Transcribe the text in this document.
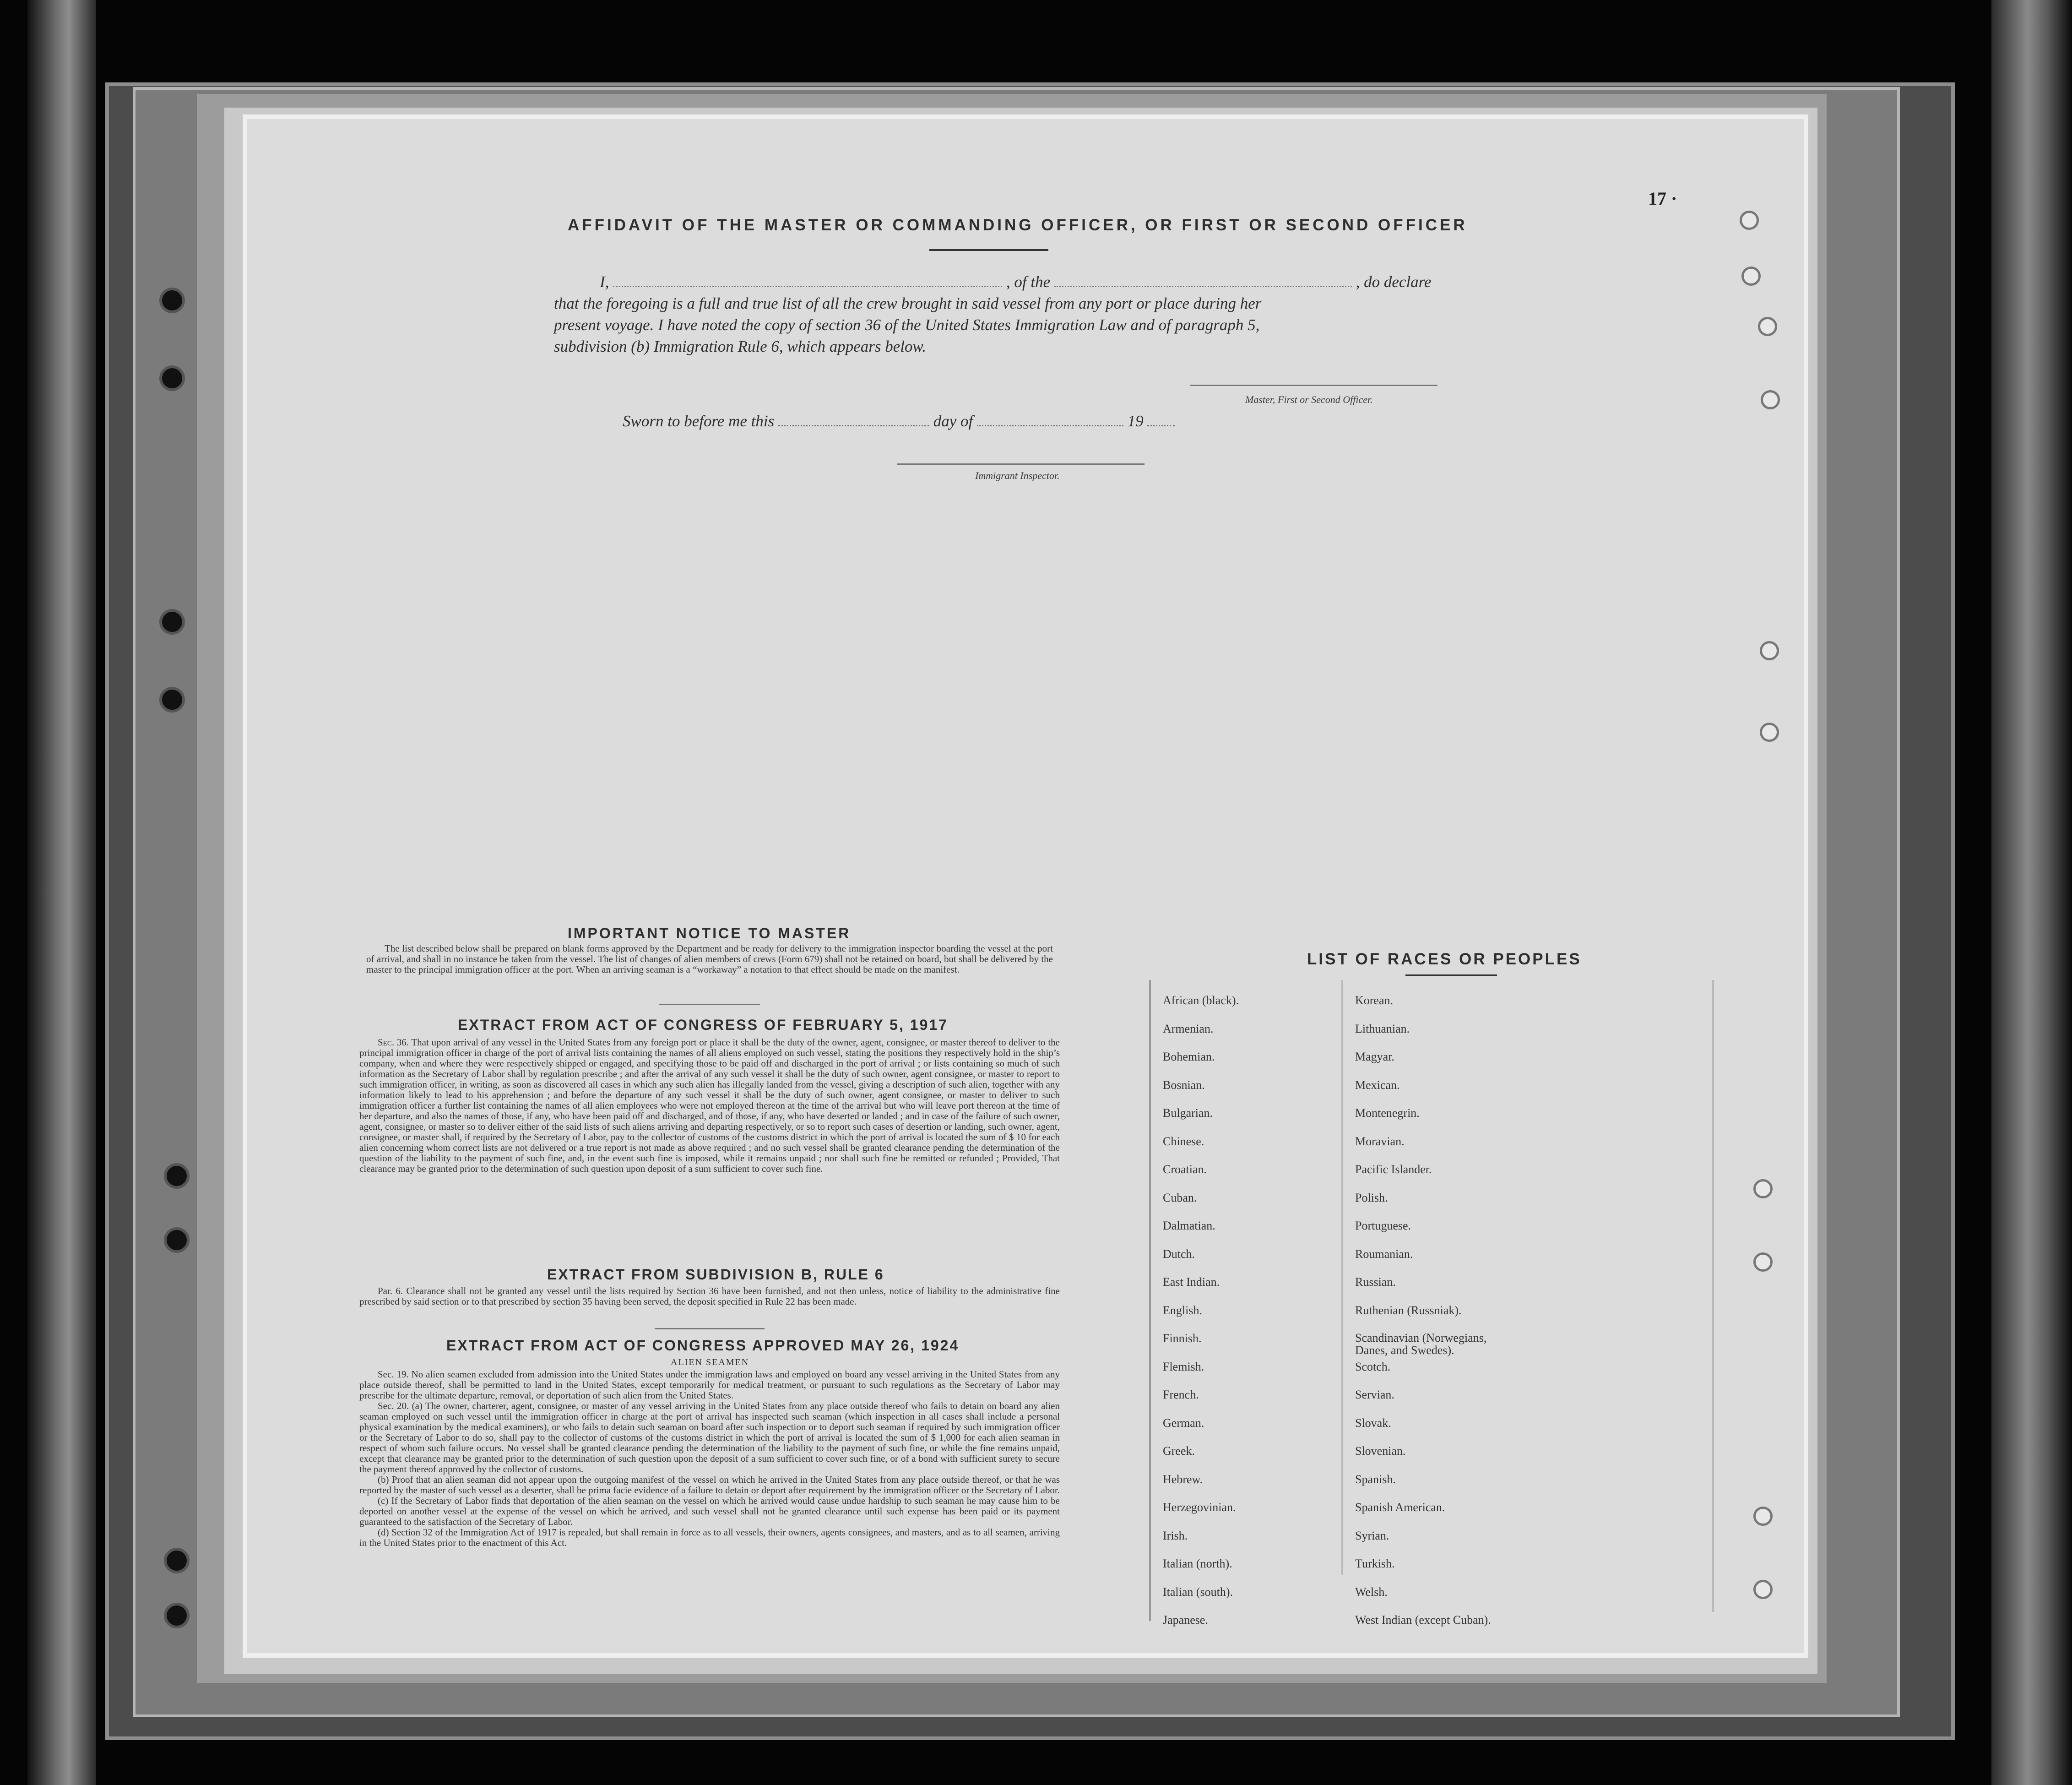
17 ·
AFFIDAVIT OF THE MASTER OR COMMANDING OFFICER, OR FIRST OR SECOND OFFICER
I,	, of the	, do declare
that the foregoing is a full and true list of all the crew brought in said vessel from any port or place during her
present voyage. I have noted the copy of section 36 of the United States Immigration Law and of paragraph 5,
subdivision (b) Immigration Rule 6, which appears below.
Master, First or Second Officer.
Sworn to before me this	day of	19
Immigrant Inspector.
IMPORTANT NOTICE TO MASTER
The list described below shall be prepared on blank forms approved by the Department and be ready for delivery to the immigration inspector boarding the vessel at the port of arrival, and shall in no instance be taken from the vessel. The list of changes of alien members of crews (Form 679) shall not be retained on board, but shall be delivered by the master to the principal immigration officer at the port. When an arriving seaman is a “workaway” a notation to that effect should be made on the manifest.
EXTRACT FROM ACT OF CONGRESS OF FEBRUARY 5, 1917
Sec. 36. That upon arrival of any vessel in the United States from any foreign port or place it shall be the duty of the owner, agent, consignee, or master thereof to deliver to the principal immigration officer in charge of the port of arrival lists containing the names of all aliens employed on such vessel, stating the positions they respectively hold in the ship’s company, when and where they were respectively shipped or engaged, and specifying those to be paid off and discharged in the port of arrival ; or lists containing so much of such information as the Secretary of Labor shall by regulation prescribe ; and after the arrival of any such vessel it shall be the duty of such owner, agent consignee, or master to report to such immigration officer, in writing, as soon as discovered all cases in which any such alien has illegally landed from the vessel, giving a description of such alien, together with any information likely to lead to his apprehension ; and before the departure of any such vessel it shall be the duty of such owner, agent consignee, or master to deliver to such immigration officer a further list containing the names of all alien employees who were not employed thereon at the time of the arrival but who will leave port thereon at the time of her departure, and also the names of those, if any, who have been paid off and discharged, and of those, if any, who have deserted or landed ; and in case of the failure of such owner, agent, consignee, or master so to deliver either of the said lists of such aliens arriving and departing respectively, or so to report such cases of desertion or landing, such owner, agent, consignee, or master shall, if required by the Secretary of Labor, pay to the collector of customs of the customs district in which the port of arrival is located the sum of $ 10 for each alien concerning whom correct lists are not delivered or a true report is not made as above required ; and no such vessel shall be granted clearance pending the determination of the question of the liability to the payment of such fine, and, in the event such fine is imposed, while it remains unpaid ; nor shall such fine be remitted or refunded ; Provided, That clearance may be granted prior to the determination of such question upon deposit of a sum sufficient to cover such fine.
EXTRACT FROM SUBDIVISION B, RULE 6
Par. 6. Clearance shall not be granted any vessel until the lists required by Section 36 have been furnished, and not then unless, notice of liability to the administrative fine prescribed by said section or to that prescribed by section 35 having been served, the deposit specified in Rule 22 has been made.
EXTRACT FROM ACT OF CONGRESS APPROVED MAY 26, 1924
ALIEN SEAMEN
Sec. 19. No alien seamen excluded from admission into the United States under the immigration laws and employed on board any vessel arriving in the United States from any place outside thereof, shall be permitted to land in the United States, except temporarily for medical treatment, or pursuant to such regulations as the Secretary of Labor may prescribe for the ultimate departure, removal, or deportation of such alien from the United States.
Sec. 20. (a) The owner, charterer, agent, consignee, or master of any vessel arriving in the United States from any place outside thereof who fails to detain on board any alien seaman employed on such vessel until the immigration officer in charge at the port of arrival has inspected such seaman (which inspection in all cases shall include a personal physical examination by the medical examiners), or who fails to detain such seaman on board after such inspection or to deport such seaman if required by such immigration officer or the Secretary of Labor to do so, shall pay to the collector of customs of the customs district in which the port of arrival is located the sum of $ 1,000 for each alien seaman in respect of whom such failure occurs. No vessel shall be granted clearance pending the determination of the liability to the payment of such fine, or while the fine remains unpaid, except that clearance may be granted prior to the determination of such question upon the deposit of a sum sufficient to cover such fine, or of a bond with sufficient surety to secure the payment thereof approved by the collector of customs.
(b) Proof that an alien seaman did not appear upon the outgoing manifest of the vessel on which he arrived in the United States from any place outside thereof, or that he was reported by the master of such vessel as a deserter, shall be prima facie evidence of a failure to detain or deport after requirement by the immigration officer or the Secretary of Labor.
(c) If the Secretary of Labor finds that deportation of the alien seaman on the vessel on which he arrived would cause undue hardship to such seaman he may cause him to be deported on another vessel at the expense of the vessel on which he arrived, and such vessel shall not be granted clearance until such expense has been paid or its payment guaranteed to the satisfaction of the Secretary of Labor.
(d) Section 32 of the Immigration Act of 1917 is repealed, but shall remain in force as to all vessels, their owners, agents consignees, and masters, and as to all seamen, arriving in the United States prior to the enactment of this Act.
LIST OF RACES OR PEOPLES
African (black).
Armenian.
Bohemian.
Bosnian.
Bulgarian.
Chinese.
Croatian.
Cuban.
Dalmatian.
Dutch.
East Indian.
English.
Finnish.
Flemish.
French.
German.
Greek.
Hebrew.
Herzegovinian.
Irish.
Italian (north).
Italian (south).
Japanese.
Korean.
Lithuanian.
Magyar.
Mexican.
Montenegrin.
Moravian.
Pacific Islander.
Polish.
Portuguese.
Roumanian.
Russian.
Ruthenian (Russniak).
Scandinavian (Norwegians, Danes, and Swedes).
Scotch.
Servian.
Slovak.
Slovenian.
Spanish.
Spanish American.
Syrian.
Turkish.
Welsh.
West Indian (except Cuban).
